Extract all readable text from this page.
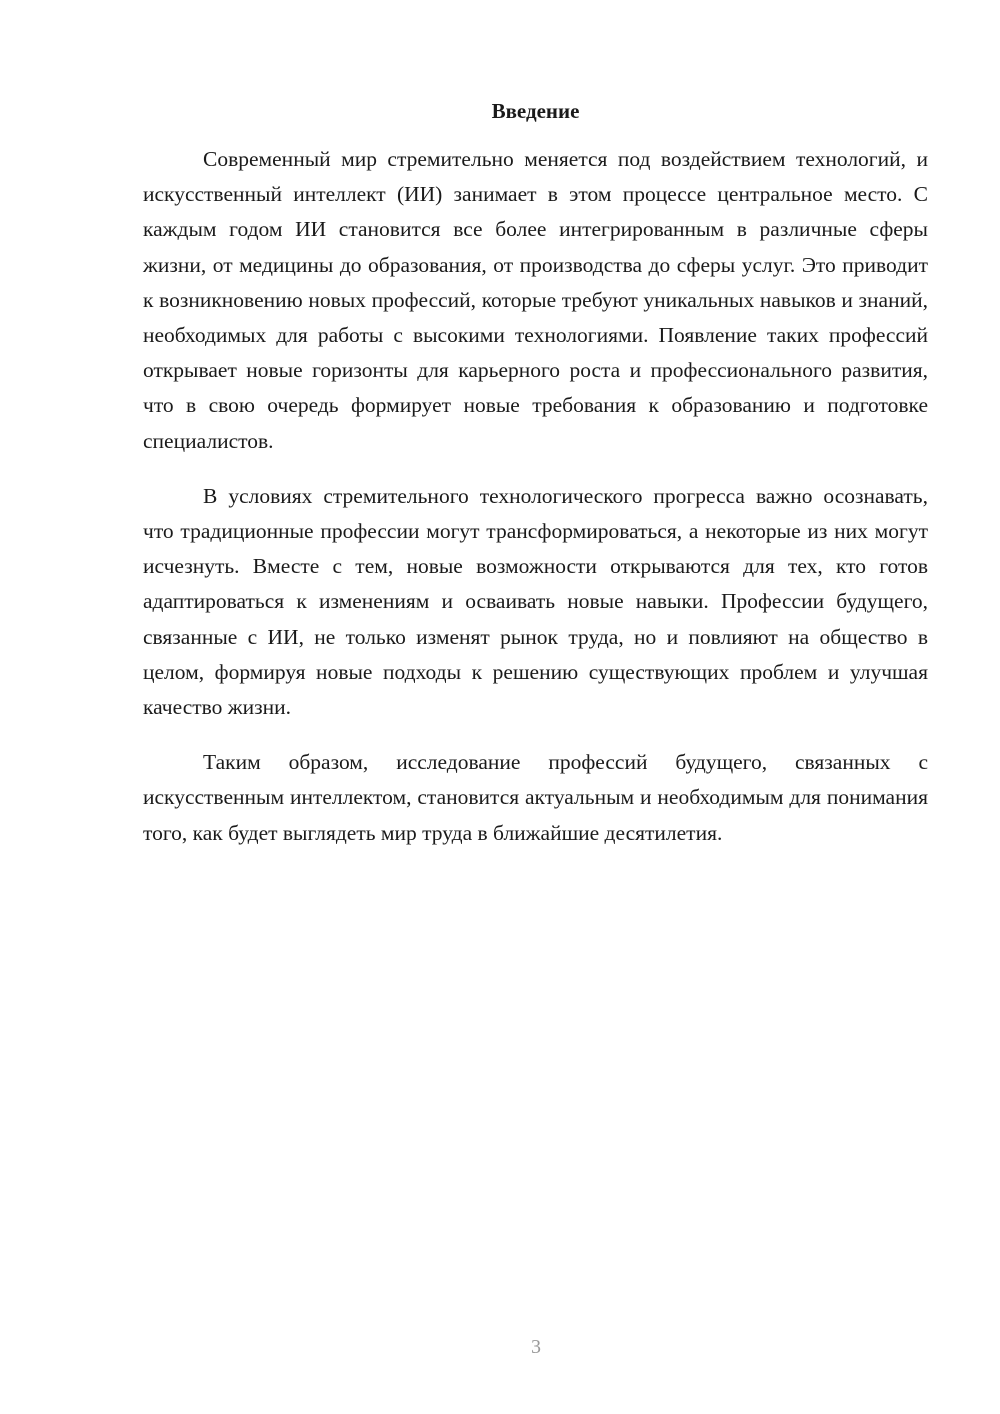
Введение

Современный мир стремительно меняется под воздействием технологий, и искусственный интеллект (ИИ) занимает в этом процессе центральное место. С каждым годом ИИ становится все более интегрированным в различные сферы жизни, от медицины до образования, от производства до сферы услуг. Это приводит к возникновению новых профессий, которые требуют уникальных навыков и знаний, необходимых для работы с высокими технологиями. Появление таких профессий открывает новые горизонты для карьерного роста и профессионального развития, что в свою очередь формирует новые требования к образованию и подготовке специалистов.

В условиях стремительного технологического прогресса важно осознавать, что традиционные профессии могут трансформироваться, а некоторые из них могут исчезнуть. Вместе с тем, новые возможности открываются для тех, кто готов адаптироваться к изменениям и осваивать новые навыки. Профессии будущего, связанные с ИИ, не только изменят рынок труда, но и повлияют на общество в целом, формируя новые подходы к решению существующих проблем и улучшая качество жизни.

Таким образом, исследование профессий будущего, связанных с искусственным интеллектом, становится актуальным и необходимым для понимания того, как будет выглядеть мир труда в ближайшие десятилетия.

3
